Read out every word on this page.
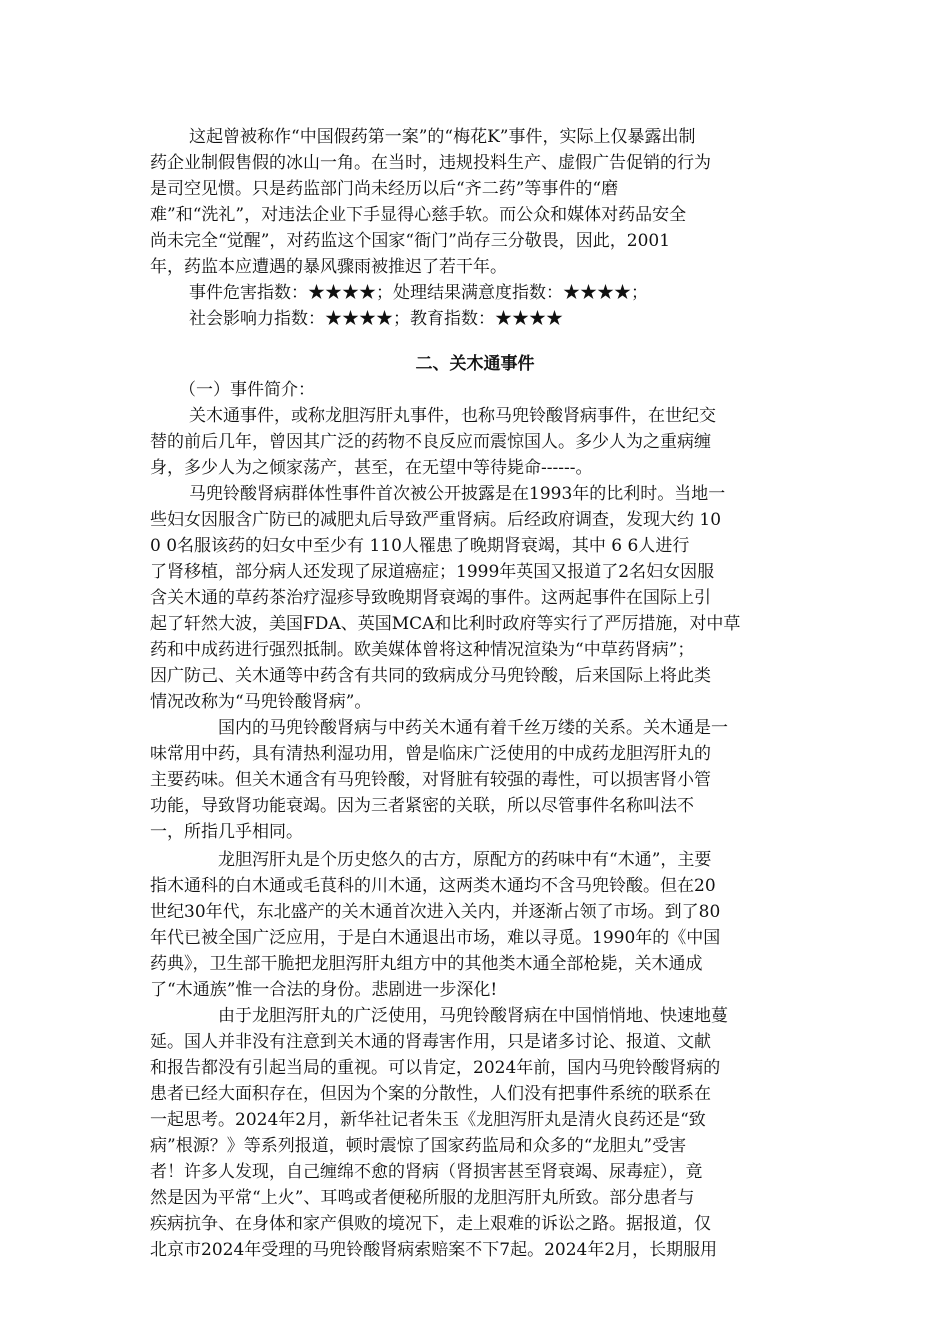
这起曾被称作“中国假药第一案”的“梅花K”事件，实际上仅暴露出制
药企业制假售假的冰山一角。在当时，违规投料生产、虚假广告促销的行为
是司空见惯。只是药监部门尚未经历以后“齐二药”等事件的“磨
难”和“洗礼”，对违法企业下手显得心慈手软。而公众和媒体对药品安全
尚未完全“觉醒”，对药监这个国家“衙门”尚存三分敬畏，因此，2001
年，药监本应遭遇的暴风骤雨被推迟了若干年。
事件危害指数：★★★★；处理结果满意度指数：★★★★；
社会影响力指数：★★★★；教育指数：★★★★
二、关木通事件
（一）事件简介：
关木通事件，或称龙胆泻肝丸事件，也称马兜铃酸肾病事件，在世纪交
替的前后几年，曾因其广泛的药物不良反应而震惊国人。多少人为之重病缠
身，多少人为之倾家荡产，甚至，在无望中等待毙命------。
马兜铃酸肾病群体性事件首次被公开披露是在1993年的比利时。当地一
些妇女因服含广防已的减肥丸后导致严重肾病。后经政府调查，发现大约 10
0 0名服该药的妇女中至少有 110人罹患了晚期肾衰竭，其中 6 6人进行
了肾移植，部分病人还发现了尿道癌症；1999年英国又报道了2名妇女因服
含关木通的草药茶治疗湿疹导致晚期肾衰竭的事件。这两起事件在国际上引
起了轩然大波，美国FDA、英国MCA和比利时政府等实行了严厉措施，对中草
药和中成药进行强烈抵制。欧美媒体曾将这种情况渲染为“中草药肾病”；
因广防己、关木通等中药含有共同的致病成分马兜铃酸，后来国际上将此类
情况改称为“马兜铃酸肾病”。
国内的马兜铃酸肾病与中药关木通有着千丝万缕的关系。关木通是一
味常用中药，具有清热利湿功用，曾是临床广泛使用的中成药龙胆泻肝丸的
主要药味。但关木通含有马兜铃酸，对肾脏有较强的毒性，可以损害肾小管
功能，导致肾功能衰竭。因为三者紧密的关联，所以尽管事件名称叫法不
一，所指几乎相同。
龙胆泻肝丸是个历史悠久的古方，原配方的药味中有“木通”，主要
指木通科的白木通或毛茛科的川木通，这两类木通均不含马兜铃酸。但在20
世纪30年代，东北盛产的关木通首次进入关内，并逐渐占领了市场。到了80
年代已被全国广泛应用，于是白木通退出市场，难以寻觅。1990年的《中国
药典》，卫生部干脆把龙胆泻肝丸组方中的其他类木通全部枪毙，关木通成
了“木通族”惟一合法的身份。悲剧进一步深化!
由于龙胆泻肝丸的广泛使用，马兜铃酸肾病在中国悄悄地、快速地蔓
延。国人并非没有注意到关木通的肾毒害作用，只是诸多讨论、报道、文献
和报告都没有引起当局的重视。可以肯定，2024年前，国内马兜铃酸肾病的
患者已经大面积存在，但因为个案的分散性，人们没有把事件系统的联系在
一起思考。2024年2月，新华社记者朱玉《龙胆泻肝丸是清火良药还是“致
病”根源？》等系列报道，顿时震惊了国家药监局和众多的“龙胆丸”受害
者！许多人发现，自己缠绵不愈的肾病（肾损害甚至肾衰竭、尿毒症），竟
然是因为平常“上火”、耳鸣或者便秘所服的龙胆泻肝丸所致。部分患者与
疾病抗争、在身体和家产俱败的境况下，走上艰难的诉讼之路。据报道，仅
北京市2024年受理的马兜铃酸肾病索赔案不下7起。2024年2月，长期服用
